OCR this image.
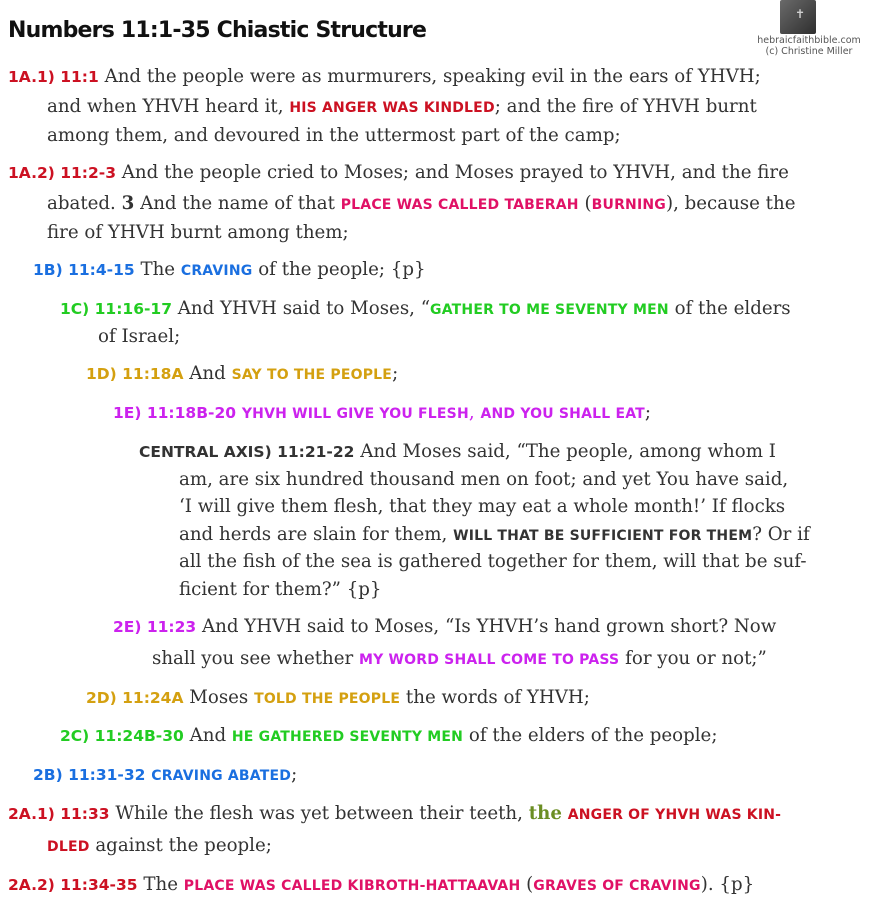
Numbers 11:1-35 Chiastic Structure
✝
hebraicfaithbible.com
(c) Christine Miller
1A.1) 11:1 And the people were as murmurers, speaking evil in the ears of YHVH;
and when YHVH heard it, HIS ANGER WAS KINDLED; and the fire of YHVH burnt
among them, and devoured in the uttermost part of the camp;
1A.2) 11:2-3 And the people cried to Moses; and Moses prayed to YHVH, and the fire
abated. 3 And the name of that PLACE WAS CALLED TABERAH (BURNING), because the
fire of YHVH burnt among them;
1B) 11:4-15 The CRAVING of the people; {p}
1C) 11:16-17 And YHVH said to Moses, “GATHER TO ME SEVENTY MEN of the elders
of Israel;
1D) 11:18A And SAY TO THE PEOPLE;
1E) 11:18B-20 YHVH WILL GIVE YOU FLESH, AND YOU SHALL EAT;
CENTRAL AXIS) 11:21-22 And Moses said, “The people, among whom I
am, are six hundred thousand men on foot; and yet You have said,
‘I will give them flesh, that they may eat a whole month!’ If flocks
and herds are slain for them, WILL THAT BE SUFFICIENT FOR THEM? Or if
all the fish of the sea is gathered together for them, will that be suf-
ficient for them?” {p}
2E) 11:23 And YHVH said to Moses, “Is YHVH’s hand grown short? Now
shall you see whether MY WORD SHALL COME TO PASS for you or not;”
2D) 11:24A Moses TOLD THE PEOPLE the words of YHVH;
2C) 11:24B-30 And HE GATHERED SEVENTY MEN of the elders of the people;
2B) 11:31-32 CRAVING ABATED;
2A.1) 11:33 While the flesh was yet between their teeth, the ANGER OF YHVH WAS KIN-
DLED against the people;
2A.2) 11:34-35 The PLACE WAS CALLED KIBROTH-HATTAAVAH (GRAVES OF CRAVING). {p}
